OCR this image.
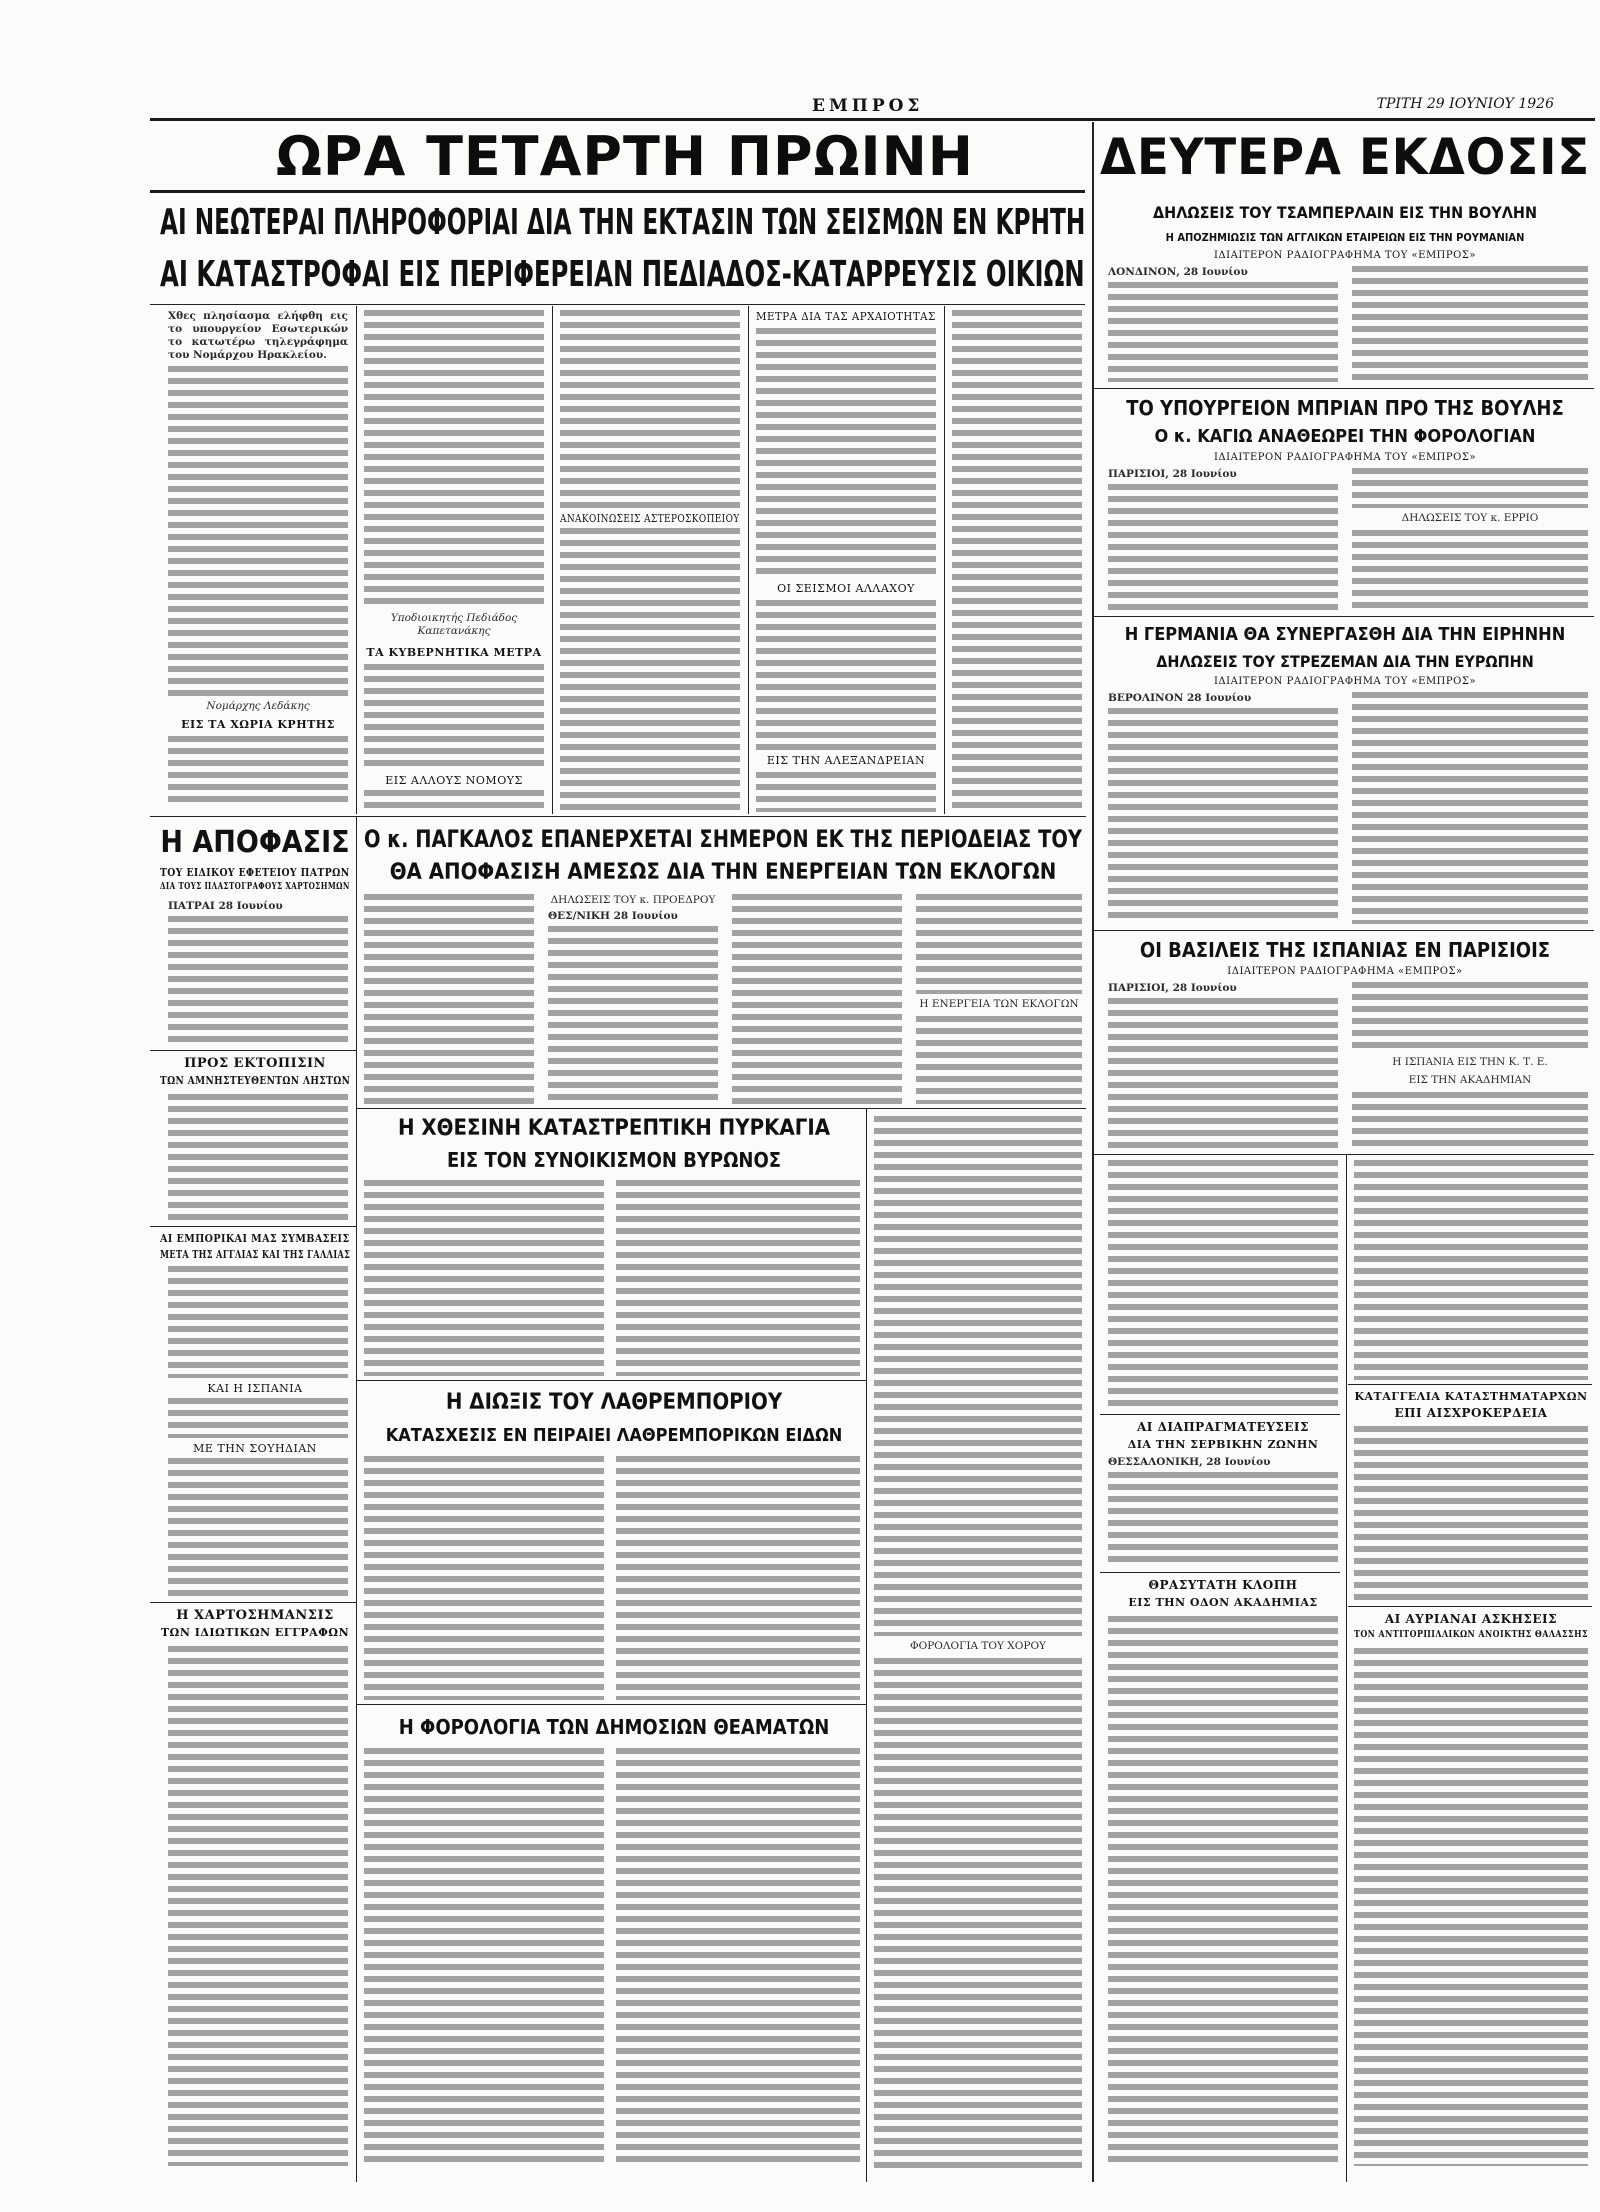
ΕΜΠΡΟΣ	ΤΡΙΤΗ 29 ΙΟΥΝΙΟΥ 1926
ΩΡΑ ΤΕΤΑΡΤΗ ΠΡΩΙΝΗ	ΔΕΥΤΕΡΑ ΕΚΔΟΣΙΣ
ΑΙ ΝΕΩΤΕΡΑΙ ΠΛΗΡΟΦΟΡΙΑΙ ΔΙΑ ΤΗΝ ΕΚΤΑΣΙΝ ΤΩΝ ΣΕΙΣΜΩΝ ΕΝ ΚΡΗΤΗ
ΑΙ ΚΑΤΑΣΤΡΟΦΑΙ ΕΙΣ ΠΕΡΙΦΕΡΕΙΑΝ ΠΕΔΙΑΔΟΣ-ΚΑΤΑΡΡΕΥΣΙΣ ΟΙΚΙΩΝ
Χθες πλησίασμα ελήφθη εις το υπουργείον Εσωτερικών το κατωτέρω τηλεγράφημα του Νομάρχου Ηρακλείου.
Νομάρχης Λεδάκης
ΕΙΣ ΤΑ ΧΩΡΙΑ ΚΡΗΤΗΣ
Υποδιοικητής Πεδιάδος Καπετανάκης
ΤΑ ΚΥΒΕΡΝΗΤΙΚΑ ΜΕΤΡΑ
ΕΙΣ ΑΛΛΟΥΣ ΝΟΜΟΥΣ
ΑΝΑΚΟΙΝΩΣΕΙΣ ΑΣΤΕΡΟΣΚΟΠΕΙΟΥ
ΜΕΤΡΑ ΔΙΑ ΤΑΣ ΑΡΧΑΙΟΤΗΤΑΣ
ΟΙ ΣΕΙΣΜΟΙ ΑΛΛΑΧΟΥ
ΕΙΣ ΤΗΝ ΑΛΕΞΑΝΔΡΕΙΑΝ
Η ΑΠΟΦΑΣΙΣ
ΤΟΥ ΕΙΔΙΚΟΥ ΕΦΕΤΕΙΟΥ ΠΑΤΡΩΝ
ΔΙΑ ΤΟΥΣ ΠΛΑΣΤΟΓΡΑΦΟΥΣ ΧΑΡΤΟΣΗΜΩΝ
ΠΑΤΡΑΙ 28 Ιουνίου
ΠΡΟΣ ΕΚΤΟΠΙΣΙΝ
ΤΩΝ ΑΜΝΗΣΤΕΥΘΕΝΤΩΝ ΛΗΣΤΩΝ
ΑΙ ΕΜΠΟΡΙΚΑΙ ΜΑΣ ΣΥΜΒΑΣΕΙΣ
ΜΕΤΑ ΤΗΣ ΑΓΓΛΙΑΣ ΚΑΙ ΤΗΣ ΓΑΛΛΙΑΣ
ΚΑΙ Η ΙΣΠΑΝΙΑ
ΜΕ ΤΗΝ ΣΟΥΗΔΙΑΝ
Η ΧΑΡΤΟΣΗΜΑΝΣΙΣ
ΤΩΝ ΙΔΙΩΤΙΚΩΝ ΕΓΓΡΑΦΩΝ
Ο κ. ΠΑΓΚΑΛΟΣ ΕΠΑΝΕΡΧΕΤΑΙ ΣΗΜΕΡΟΝ ΕΚ ΤΗΣ ΠΕΡΙΟΔΕΙΑΣ ΤΟΥ
ΘΑ ΑΠΟΦΑΣΙΣΗ ΑΜΕΣΩΣ ΔΙΑ ΤΗΝ ΕΝΕΡΓΕΙΑΝ ΤΩΝ ΕΚΛΟΓΩΝ
ΔΗΛΩΣΕΙΣ ΤΟΥ κ. ΠΡΟΕΔΡΟΥ
ΘΕΣ/ΝΙΚΗ 28 Ιουνίου
Η ΕΝΕΡΓΕΙΑ ΤΩΝ ΕΚΛΟΓΩΝ
Η ΧΘΕΣΙΝΗ ΚΑΤΑΣΤΡΕΠΤΙΚΗ ΠΥΡΚΑΓΙΑ
ΕΙΣ ΤΟΝ ΣΥΝΟΙΚΙΣΜΟΝ ΒΥΡΩΝΟΣ
Η ΔΙΩΞΙΣ ΤΟΥ ΛΑΘΡΕΜΠΟΡΙΟΥ
ΚΑΤΑΣΧΕΣΙΣ ΕΝ ΠΕΙΡΑΙΕΙ ΛΑΘΡΕΜΠΟΡΙΚΩΝ ΕΙΔΩΝ
Η ΦΟΡΟΛΟΓΙΑ ΤΩΝ ΔΗΜΟΣΙΩΝ ΘΕΑΜΑΤΩΝ
ΦΟΡΟΛΟΓΙΑ ΤΟΥ ΧΟΡΟΥ
ΔΗΛΩΣΕΙΣ ΤΟΥ ΤΣΑΜΠΕΡΛΑΙΝ ΕΙΣ ΤΗΝ ΒΟΥΛΗΝ
Η ΑΠΟΖΗΜΙΩΣΙΣ ΤΩΝ ΑΓΓΛΙΚΩΝ ΕΤΑΙΡΕΙΩΝ ΕΙΣ ΤΗΝ ΡΟΥΜΑΝΙΑΝ
ΙΔΙΑΙΤΕΡΟΝ ΡΑΔΙΟΓΡΑΦΗΜΑ ΤΟΥ «ΕΜΠΡΟΣ»
ΛΟΝΔΙΝΟΝ, 28 Ιουνίου
ΤΟ ΥΠΟΥΡΓΕΙΟΝ ΜΠΡΙΑΝ ΠΡΟ ΤΗΣ ΒΟΥΛΗΣ
Ο κ. ΚΑΓΙΩ ΑΝΑΘΕΩΡΕΙ ΤΗΝ ΦΟΡΟΛΟΓΙΑΝ
ΙΔΙΑΙΤΕΡΟΝ ΡΑΔΙΟΓΡΑΦΗΜΑ ΤΟΥ «ΕΜΠΡΟΣ»
ΠΑΡΙΣΙΟΙ, 28 Ιουνίου
ΔΗΛΩΣΕΙΣ ΤΟΥ κ. ΕΡΡΙΟ
Η ΓΕΡΜΑΝΙΑ ΘΑ ΣΥΝΕΡΓΑΣΘΗ ΔΙΑ ΤΗΝ ΕΙΡΗΝΗΝ
ΔΗΛΩΣΕΙΣ ΤΟΥ ΣΤΡΕΖΕΜΑΝ ΔΙΑ ΤΗΝ ΕΥΡΩΠΗΝ
ΙΔΙΑΙΤΕΡΟΝ ΡΑΔΙΟΓΡΑΦΗΜΑ ΤΟΥ «ΕΜΠΡΟΣ»
ΒΕΡΟΛΙΝΟΝ 28 Ιουνίου
ΟΙ ΒΑΣΙΛΕΙΣ ΤΗΣ ΙΣΠΑΝΙΑΣ ΕΝ ΠΑΡΙΣΙΟΙΣ
ΙΔΙΑΙΤΕΡΟΝ ΡΑΔΙΟΓΡΑΦΗΜΑ «ΕΜΠΡΟΣ»
ΠΑΡΙΣΙΟΙ, 28 Ιουνίου
Η ΙΣΠΑΝΙΑ ΕΙΣ ΤΗΝ Κ. Τ. Ε.
ΕΙΣ ΤΗΝ ΑΚΑΔΗΜΙΑΝ
ΑΙ ΔΙΑΠΡΑΓΜΑΤΕΥΣΕΙΣ
ΔΙΑ ΤΗΝ ΣΕΡΒΙΚΗΝ ΖΩΝΗΝ
ΘΕΣΣΑΛΟΝΙΚΗ, 28 Ιουνίου
ΘΡΑΣΥΤΑΤΗ ΚΛΟΠΗ
ΕΙΣ ΤΗΝ ΟΔΟΝ ΑΚΑΔΗΜΙΑΣ
ΚΑΤΑΓΓΕΛΙΑ ΚΑΤΑΣΤΗΜΑΤΑΡΧΩΝ
ΕΠΙ ΑΙΣΧΡΟΚΕΡΔΕΙΑ
ΑΙ ΑΥΡΙΑΝΑΙ ΑΣΚΗΣΕΙΣ
ΤΟΝ ΑΝΤΙΤΟΡΠΙΛΛΙΚΩΝ ΑΝΟΙΚΤΗΣ ΘΑΛΑΣΣΗΣ
